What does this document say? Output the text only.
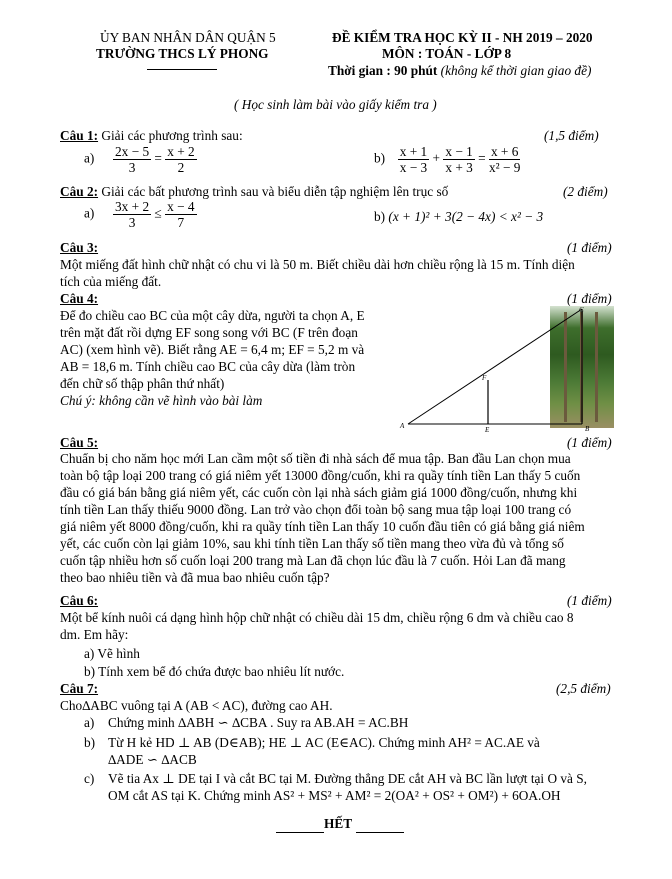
ỦY BAN NHÂN DÂN QUẬN 5
TRƯỜNG THCS LÝ PHONG
ĐỀ KIỂM TRA HỌC KỲ II - NH 2019 – 2020
MÔN : TOÁN - LỚP 8
Thời gian : 90 phút (không kể thời gian giao đề)
( Học sinh làm bài vào giấy kiểm tra )
Câu 1: Giải các phương trình sau:	(1,5 điểm)
$a) \frac{2x - 5}{3} = \frac{x + 2}{2}$	$b) \frac{x + 1}{x - 3} + \frac{x - 1}{x + 3} = \frac{x + 6}{\text{x² − 9}}$
Câu 2: Giải các bất phương trình sau và biểu diễn tập nghiệm lên trục số	(2 điểm)
$a) \frac{3x + 2}{3} \le \frac{x - 4}{7}$	b) (x + 1)² + 3(2 − 4x) < x² − 3
Câu 3:	(1 điểm)
Một miếng đất hình chữ nhật có chu vi là 50 m. Biết chiều dài hơn chiều rộng là 15 m. Tính diện
tích của miếng đất.
Câu 4:	(1 điểm)
Để đo chiều cao BC của một cây dừa, người ta chọn A, E
trên mặt đất rồi dựng EF song song với BC (F trên đoạn
AC) (xem hình vẽ). Biết rằng AE = 6,4 m; EF = 5,2 m và
AB = 18,6 m. Tính chiều cao BC của cây dừa (làm tròn
đến chữ số thập phân thứ nhất)
Chú ý: không cần vẽ hình vào bài làm
A	B
C
E
F
Câu 5:	(1 điểm)
Chuẩn bị cho năm học mới Lan cầm một số tiền đi nhà sách để mua tập. Ban đầu Lan chọn mua
toàn bộ tập loại 200 trang có giá niêm yết 13000 đồng/cuốn, khi ra quầy tính tiền Lan thấy 5 cuốn
đầu có giá bán bằng giá niêm yết, các cuốn còn lại nhà sách giảm giá 1000 đồng/cuốn, nhưng khi
tính tiền Lan thấy thiếu 9000 đồng. Lan trở vào chọn đổi toàn bộ sang mua tập loại 100 trang có
giá niêm yết 8000 đồng/cuốn, khi ra quầy tính tiền Lan thấy 10 cuốn đầu tiên có giá bằng giá niêm
yết, các cuốn còn lại giảm 10%, sau khi tính tiền Lan thấy số tiền mang theo vừa đủ và tổng số
cuốn tập nhiều hơn số cuốn loại 200 trang mà Lan đã chọn lúc đầu là 7 cuốn. Hỏi Lan đã mang
theo bao nhiêu tiền và đã mua bao nhiêu cuốn tập?
Câu 6:	(1 điểm)
Một bể kính nuôi cá dạng hình hộp chữ nhật có chiều dài 15 dm, chiều rộng 6 dm và chiều cao 8
dm. Em hãy:
a) Vẽ hình
b) Tính xem bể đó chứa được bao nhiêu lít nước.
Câu 7:	(2,5 điểm)
Cho∆ABC vuông tại A (AB < AC), đường cao AH.
a) Chứng minh ∆ABH ∽ ∆CBA . Suy ra AB.AH = AC.BH
b) Từ H kẻ HD ⊥ AB (D∈AB); HE ⊥ AC (E∈AC). Chứng minh AH² = AC.AE và
∆ADE ∽ ∆ACB
c) Vẽ tia Ax ⊥ DE tại I và cắt BC tại M. Đường thẳng DE cắt AH và BC lần lượt tại O và S,
OM cắt AS tại K. Chứng minh AS² + MS² + AM² = 2(OA² + OS² + OM²) + 6OA.OH
HẾT
